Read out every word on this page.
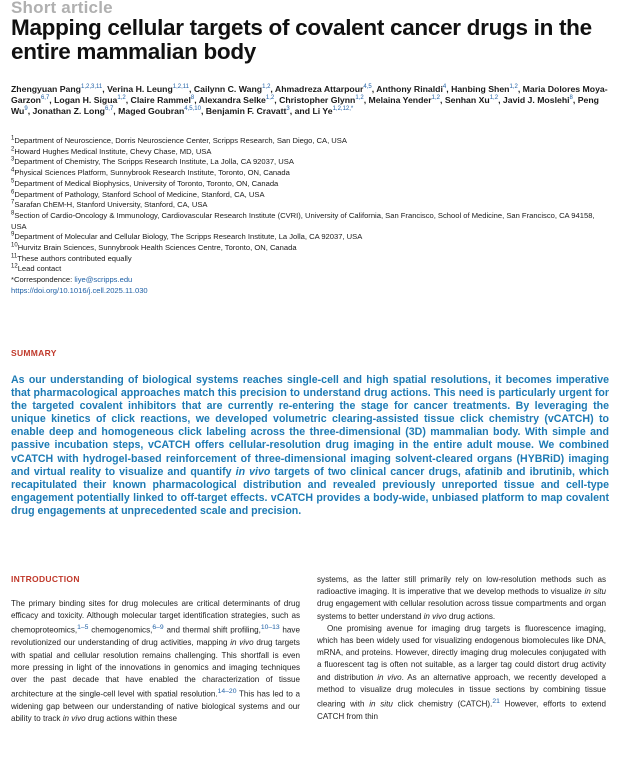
Short article
Mapping cellular targets of covalent cancer drugs in the entire mammalian body
Zhengyuan Pang$^{1,2,3,11}$, Verina H. Leung$^{1,2,11}$, Cailynn C. Wang$^{1,2}$, Ahmadreza Attarpour$^{4,5}$, Anthony Rinaldi$^4$, Hanbing Shen$^{1,2}$, Maria Dolores Moya-Garzon$^{6,7}$, Logan H. Sigua$^{1,2}$, Claire Rammel$^8$, Alexandra Selke$^{1,2}$, Christopher Glynn$^{1,2}$, Melaina Yender$^{1,2}$, Senhan Xu$^{1,2}$, Javid J. Moslehi$^8$, Peng Wu$^9$, Jonathan Z. Long$^{6,7}$, Maged Goubran$^{4,5,10}$, Benjamin F. Cravatt$^3$, and Li $Ye^{1,2,12,*}$

$^1$Department of Neuroscience, Dorris Neuroscience Center, Scripps Research, San Diego, CA, USA

$^2$Howard Hughes Medical Institute, Chevy Chase, MD, USA

$^3$Department of Chemistry, The Scripps Research Institute, La Jolla, CA 92037, USA

$^4$Physical Sciences Platform, Sunnybrook Research Institute, Toronto, ON, Canada

$^5$Department of Medical Biophysics, University of Toronto, Toronto, ON, Canada

$^6$Department of Pathology, Stanford School of Medicine, Stanford, CA, USA

$^7$Sarafan ChEM-H, Stanford University, Stanford, CA, USA

$^8$Section of Cardio-Oncology & Immunology, Cardiovascular Research Institute (CVRI), University of California, San Francisco, School of Medicine, San Francisco, CA 94158, USA

$^9$Department of Molecular and Cellular Biology, The Scripps Research Institute, La Jolla, CA 92037, USA

$^{10}$Hurvitz Brain Sciences, Sunnybrook Health Sciences Centre, Toronto, ON, Canada

$^{11}$These authors contributed equally

$^{12}$Lead contact

*Correspondence: liye@scripps.edu

https://doi.org/10.1016/j.cell.2025.11.030

SUMMARY
As our understanding of biological systems reaches single-cell and high spatial resolutions, it becomes imperative that pharmacological approaches match this precision to understand drug actions. This need is particularly urgent for the targeted covalent inhibitors that are currently re-entering the stage for cancer treatments. By leveraging the unique kinetics of click reactions, we developed volumetric clearing-assisted tissue click chemistry (vCATCH) to enable deep and homogeneous click labeling across the three-dimensional (3D) mammalian body. With simple and passive incubation steps, vCATCH offers cellular-resolution drug imaging in the entire adult mouse. We combined vCATCH with hydrogel-based reinforcement of three-dimensional imaging solvent-cleared organs (HYBRiD) imaging and virtual reality to visualize and quantify in vivo targets of two clinical cancer drugs, afatinib and ibrutinib, which recapitulated their known pharmacological distribution and revealed previously unreported tissue and cell-type engagement potentially linked to off-target effects. vCATCH provides a body-wide, unbiased platform to map covalent drug engagements at unprecedented scale and precision.
INTRODUCTION

The primary binding sites for drug molecules are critical determinants of drug efficacy and toxicity. Although molecular target identification strategies, such as chemoproteomics,$^{1-5}$ chemogenomics,$^{6-9}$ and thermal shift profiling,$^{10-13}$ have revolutionized our understanding of drug activities, mapping in vivo drug targets with spatial and cellular resolution remains challenging. This shortfall is even more pressing in light of the innovations in genomics and imaging techniques over the past decade that have enabled the characterization of tissue architecture at the single-cell level with spatial resolution.$^{14-20}$ This has led to a widening gap between our understanding of native biological systems and our ability to track in vivo drug actions within these

systems, as the latter still primarily rely on low-resolution methods such as radioactive imaging. It is imperative that we develop methods to visualize in situ drug engagement with cellular resolution across tissue compartments and organ systems to better understand in vivo drug actions.

One promising avenue for imaging drug targets is fluorescence imaging, which has been widely used for visualizing endogenous biomolecules like DNA, mRNA, and proteins. However, directly imaging drug molecules conjugated with a fluorescent tag is often not suitable, as a larger tag could distort drug activity and distribution in vivo. As an alternative approach, we recently developed a method to visualize drug molecules in tissue sections by combining tissue clearing with in situ click chemistry (CATCH).$^{21}$ However, efforts to extend CATCH from thin
